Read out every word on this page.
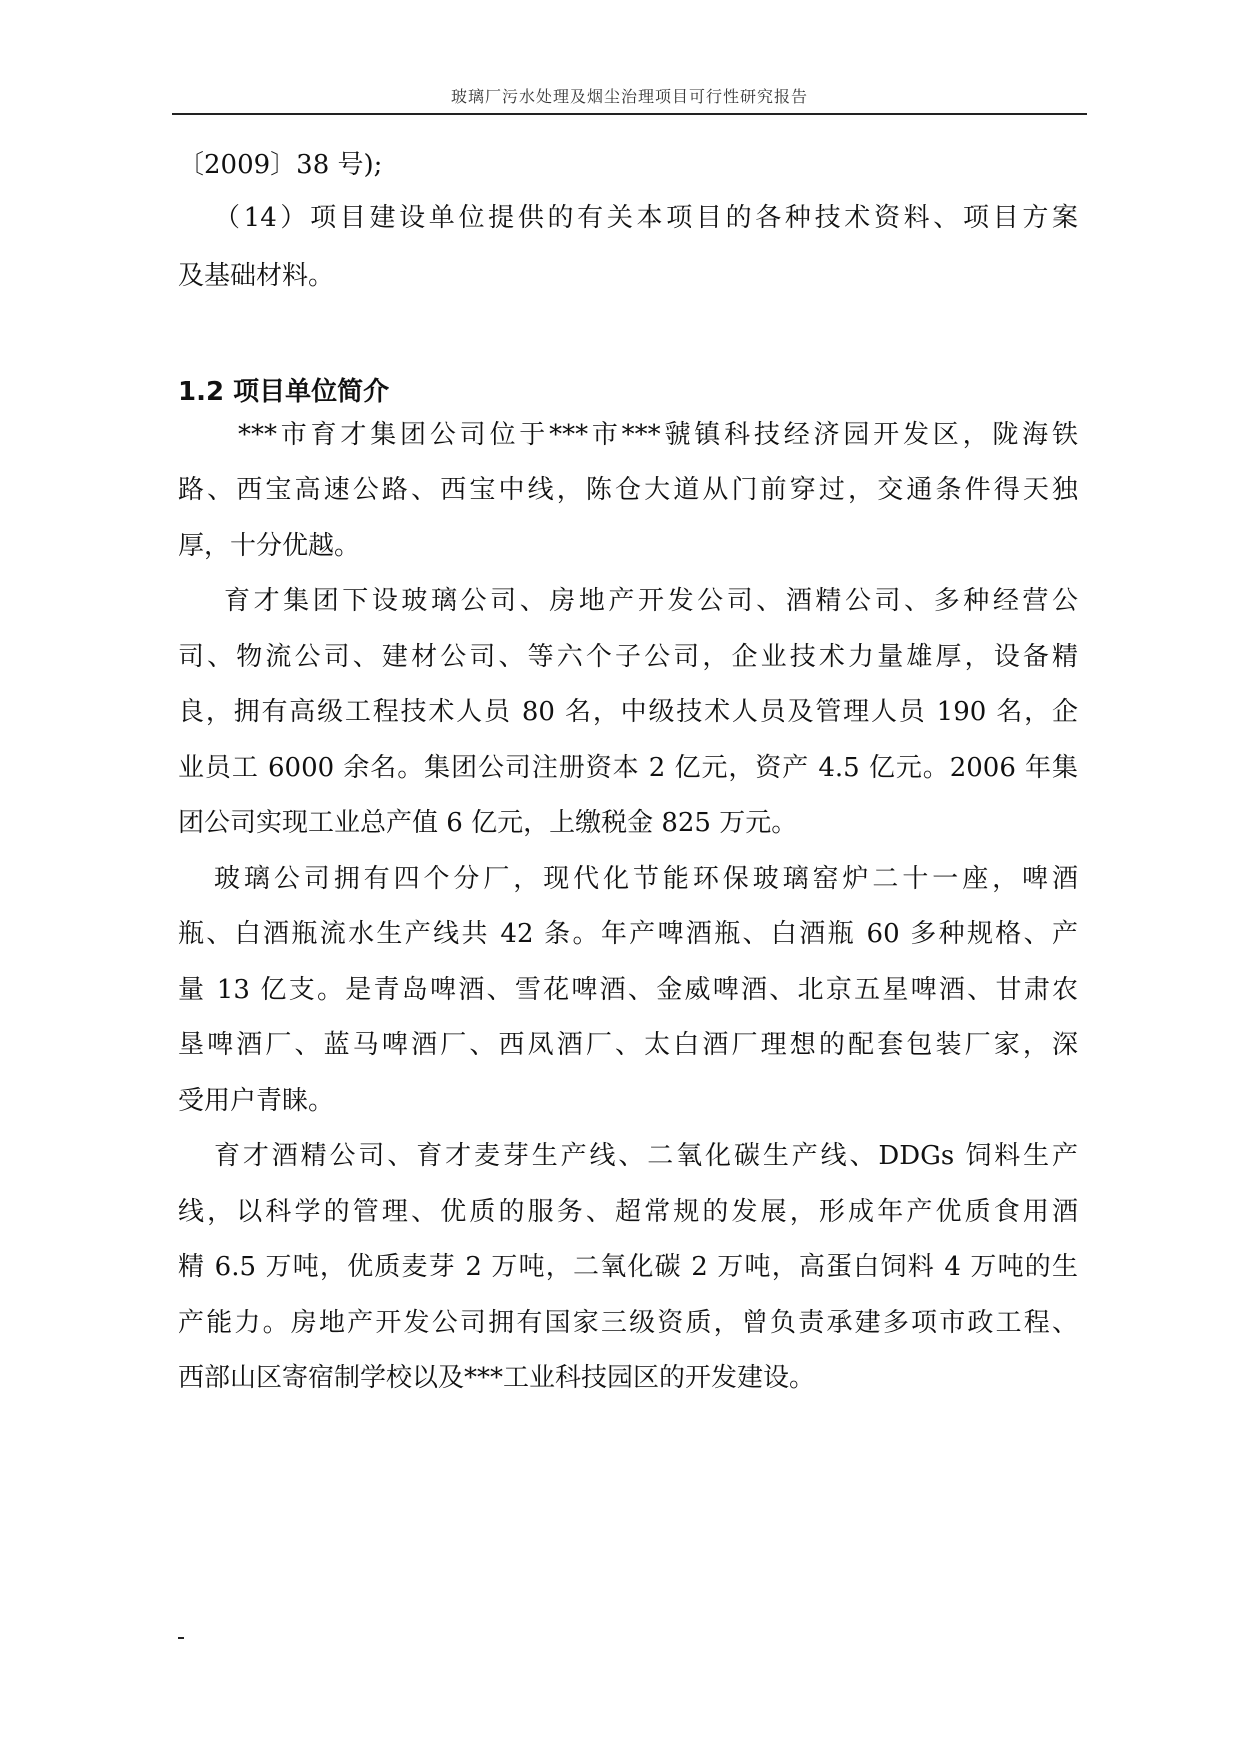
玻璃厂污水处理及烟尘治理项目可行性研究报告
〔2009〕38 号);
（14）项目建设单位提供的有关本项目的各种技术资料、项目方案
及基础材料。
1.2 项目单位简介
***市育才集团公司位于***市***虢镇科技经济园开发区，陇海铁
路、西宝高速公路、西宝中线，陈仓大道从门前穿过，交通条件得天独
厚，十分优越。
育才集团下设玻璃公司、房地产开发公司、酒精公司、多种经营公
司、物流公司、建材公司、等六个子公司，企业技术力量雄厚，设备精
良，拥有高级工程技术人员 80 名，中级技术人员及管理人员 190 名，企
业员工 6000 余名。集团公司注册资本 2 亿元，资产 4.5 亿元。2006 年集
团公司实现工业总产值 6 亿元，上缴税金 825 万元。
玻璃公司拥有四个分厂，现代化节能环保玻璃窑炉二十一座，啤酒
瓶、白酒瓶流水生产线共 42 条。年产啤酒瓶、白酒瓶 60 多种规格、产
量 13 亿支。是青岛啤酒、雪花啤酒、金威啤酒、北京五星啤酒、甘肃农
垦啤酒厂、蓝马啤酒厂、西凤酒厂、太白酒厂理想的配套包装厂家，深
受用户青睐。
育才酒精公司、育才麦芽生产线、二氧化碳生产线、DDGs 饲料生产
线，以科学的管理、优质的服务、超常规的发展，形成年产优质食用酒
精 6.5 万吨，优质麦芽 2 万吨，二氧化碳 2 万吨，高蛋白饲料 4 万吨的生
产能力。房地产开发公司拥有国家三级资质，曾负责承建多项市政工程、
西部山区寄宿制学校以及***工业科技园区的开发建设。
